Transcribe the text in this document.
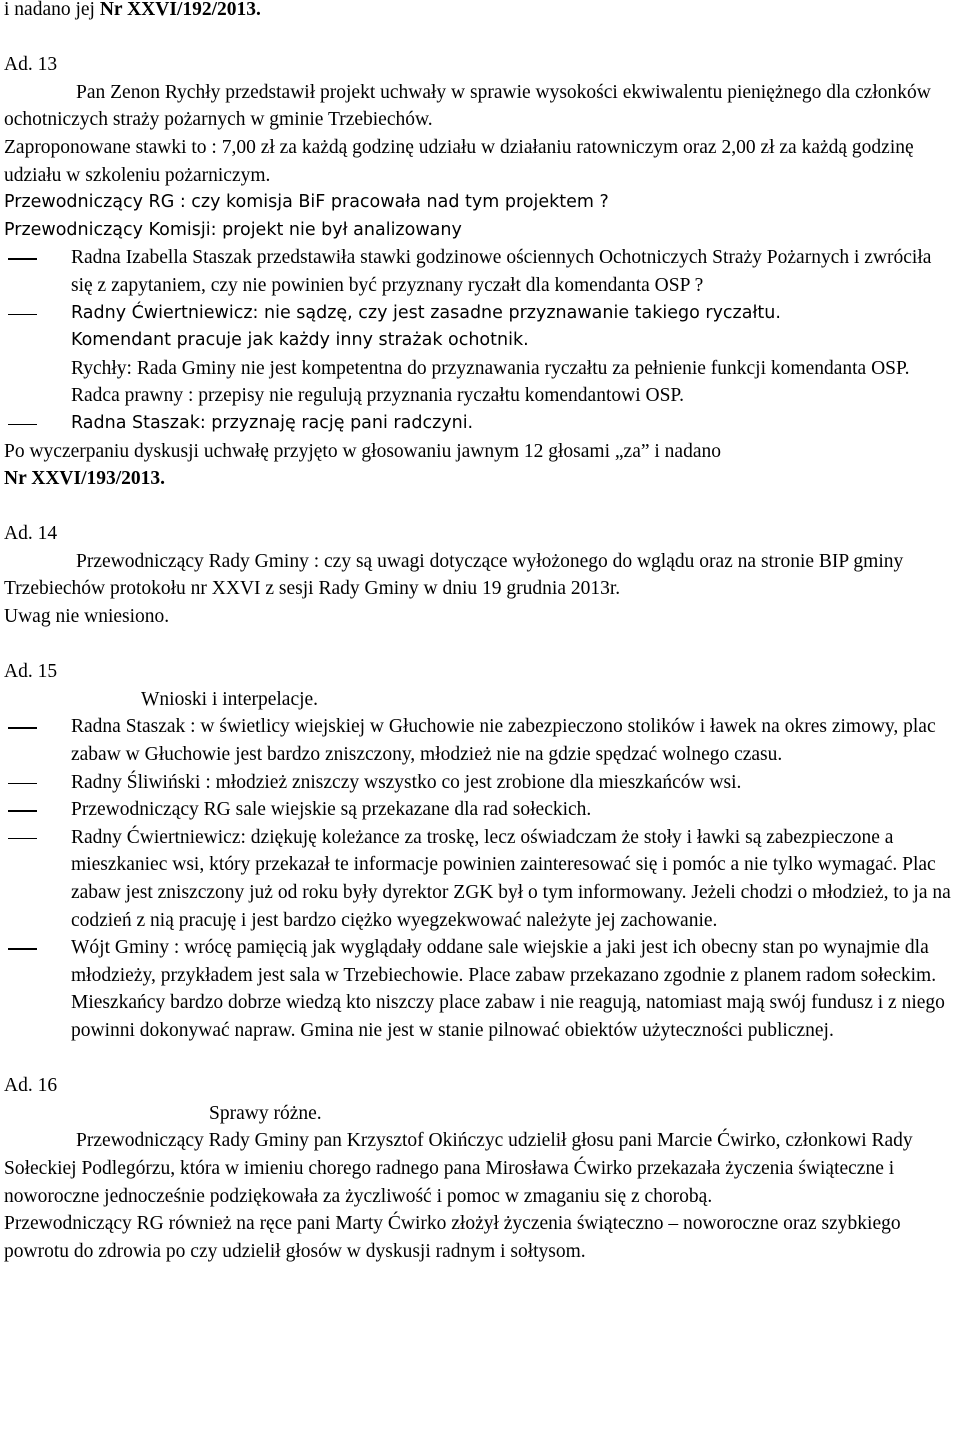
i nadano jej Nr XXVI/192/2013.

Ad. 13

Pan Zenon Rychły przedstawił projekt uchwały w sprawie wysokości ekwiwalentu pieniężnego dla członków ochotniczych straży pożarnych w gminie Trzebiechów.

Zaproponowane stawki to : 7,00 zł za każdą godzinę udziału w działaniu ratowniczym oraz 2,00 zł za każdą godzinę udziału w szkoleniu pożarniczym.

Przewodniczący RG : czy komisja BiF pracowała nad tym projektem ?

Przewodniczący Komisji: projekt nie był analizowany

Radna Izabella Staszak przedstawiła stawki godzinowe ościennych Ochotniczych Straży Pożarnych i zwróciła się z zapytaniem, czy nie powinien być przyznany ryczałt dla komendanta OSP ?

Radny Ćwiertniewicz: nie sądzę, czy jest zasadne przyznawanie takiego ryczałtu.

Komendant pracuje jak każdy inny strażak ochotnik.

Rychły: Rada Gminy nie jest kompetentna do przyznawania ryczałtu za pełnienie funkcji komendanta OSP.

Radca prawny : przepisy nie regulują przyznania ryczałtu komendantowi OSP.

Radna Staszak: przyznaję rację pani radczyni.

Po wyczerpaniu dyskusji uchwałę przyjęto w głosowaniu jawnym 12 głosami „za” i nadano

Nr XXVI/193/2013.

Ad. 14

Przewodniczący Rady Gminy : czy są uwagi dotyczące wyłożonego do wglądu oraz na stronie BIP gminy Trzebiechów protokołu nr XXVI z sesji Rady Gminy w dniu 19 grudnia 2013r.

Uwag nie wniesiono.

Ad. 15

Wnioski i interpelacje.

Radna Staszak : w świetlicy wiejskiej w Głuchowie nie zabezpieczono stolików i ławek na okres zimowy, plac zabaw w Głuchowie jest bardzo zniszczony, młodzież nie na gdzie spędzać wolnego czasu.

Radny Śliwiński : młodzież zniszczy wszystko co jest zrobione dla mieszkańców wsi.

Przewodniczący RG sale wiejskie są przekazane dla rad sołeckich.

Radny Ćwiertniewicz: dziękuję koleżance za troskę, lecz oświadczam że stoły i ławki są zabezpieczone a mieszkaniec wsi, który przekazał te informacje powinien zainteresować się i pomóc a nie tylko wymagać. Plac zabaw jest zniszczony już od roku były dyrektor ZGK był o tym informowany. Jeżeli chodzi o młodzież, to ja na codzień z nią pracuję i jest bardzo ciężko wyegzekwować należyte jej zachowanie.

Wójt Gminy : wrócę pamięcią jak wyglądały oddane sale wiejskie a jaki jest ich obecny stan po wynajmie dla młodzieży, przykładem jest sala w Trzebiechowie. Place zabaw przekazano zgodnie z planem radom sołeckim. Mieszkańcy bardzo dobrze wiedzą kto niszczy place zabaw i nie reagują, natomiast mają swój fundusz i z niego powinni dokonywać napraw. Gmina nie jest w stanie pilnować obiektów użyteczności publicznej.

Ad. 16

Sprawy różne.

Przewodniczący Rady Gminy pan Krzysztof Okińczyc udzielił głosu pani Marcie Ćwirko, członkowi Rady Sołeckiej Podlegórzu, która w imieniu chorego radnego pana Mirosława Ćwirko przekazała życzenia świąteczne i noworoczne jednocześnie podziękowała za życzliwość i pomoc w zmaganiu się z chorobą.

Przewodniczący RG również na ręce pani Marty Ćwirko złożył życzenia świąteczno – noworoczne oraz szybkiego powrotu do zdrowia po czy udzielił głosów w dyskusji radnym i sołtysom.
